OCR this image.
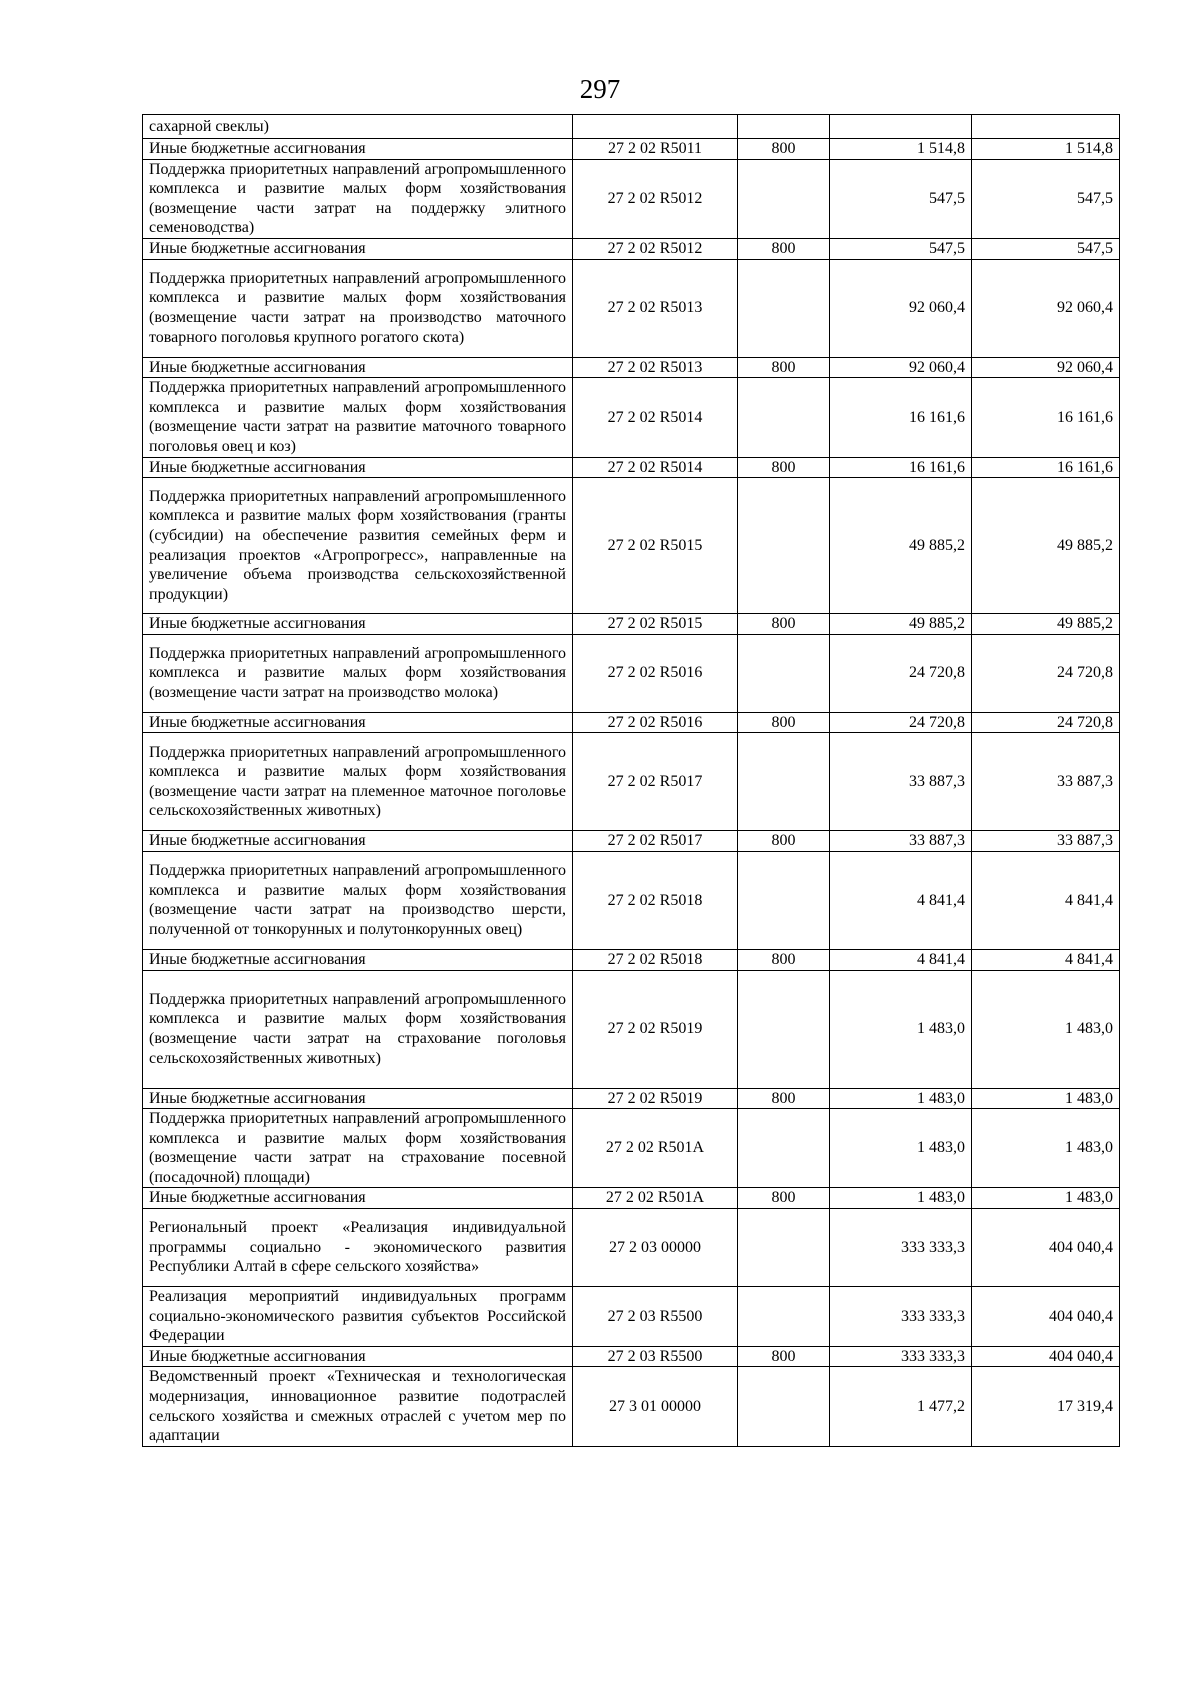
297
сахарной свеклы)				
Иные бюджетные ассигнования	27 2 02 R5011	800	1 514,8	1 514,8
Поддержка приоритетных направлений агропромышленного комплекса и развитие малых форм хозяйствования (возмещение части затрат на поддержку элитного семеноводства)	27 2 02 R5012		547,5	547,5
Иные бюджетные ассигнования	27 2 02 R5012	800	547,5	547,5
Поддержка приоритетных направлений агропромышленного комплекса и развитие малых форм хозяйствования (возмещение части затрат на производство маточного товарного поголовья крупного рогатого скота)	27 2 02 R5013		92 060,4	92 060,4
Иные бюджетные ассигнования	27 2 02 R5013	800	92 060,4	92 060,4
Поддержка приоритетных направлений агропромышленного комплекса и развитие малых форм хозяйствования (возмещение части затрат на развитие маточного товарного поголовья овец и коз)	27 2 02 R5014		16 161,6	16 161,6
Иные бюджетные ассигнования	27 2 02 R5014	800	16 161,6	16 161,6
Поддержка приоритетных направлений агропромышленного комплекса и развитие малых форм хозяйствования (гранты (субсидии) на обеспечение развития семейных ферм и реализация проектов «Агропрогресс», направленные на увеличение объема производства сельскохозяйственной продукции)	27 2 02 R5015		49 885,2	49 885,2
Иные бюджетные ассигнования	27 2 02 R5015	800	49 885,2	49 885,2
Поддержка приоритетных направлений агропромышленного комплекса и развитие малых форм хозяйствования (возмещение части затрат на производство молока)	27 2 02 R5016		24 720,8	24 720,8
Иные бюджетные ассигнования	27 2 02 R5016	800	24 720,8	24 720,8
Поддержка приоритетных направлений агропромышленного комплекса и развитие малых форм хозяйствования (возмещение части затрат на племенное маточное поголовье сельскохозяйственных животных)	27 2 02 R5017		33 887,3	33 887,3
Иные бюджетные ассигнования	27 2 02 R5017	800	33 887,3	33 887,3
Поддержка приоритетных направлений агропромышленного комплекса и развитие малых форм хозяйствования (возмещение части затрат на производство шерсти, полученной от тонкорунных и полутонкорунных овец)	27 2 02 R5018		4 841,4	4 841,4
Иные бюджетные ассигнования	27 2 02 R5018	800	4 841,4	4 841,4
Поддержка приоритетных направлений агропромышленного комплекса и развитие малых форм хозяйствования (возмещение части затрат на страхование поголовья сельскохозяйственных животных)	27 2 02 R5019		1 483,0	1 483,0
Иные бюджетные ассигнования	27 2 02 R5019	800	1 483,0	1 483,0
Поддержка приоритетных направлений агропромышленного комплекса и развитие малых форм хозяйствования (возмещение части затрат на страхование посевной (посадочной) площади)	27 2 02 R501А		1 483,0	1 483,0
Иные бюджетные ассигнования	27 2 02 R501А	800	1 483,0	1 483,0
Региональный проект «Реализация индивидуальной программы социально - экономического развития Республики Алтай в сфере сельского хозяйства»	27 2 03 00000		333 333,3	404 040,4
Реализация мероприятий индивидуальных программ социально-экономического развития субъектов Российской Федерации	27 2 03 R5500		333 333,3	404 040,4
Иные бюджетные ассигнования	27 2 03 R5500	800	333 333,3	404 040,4
Ведомственный проект «Техническая и технологическая модернизация, инновационное развитие подотраслей сельского хозяйства и смежных отраслей с учетом мер по адаптации	27 3 01 00000		1 477,2	17 319,4
